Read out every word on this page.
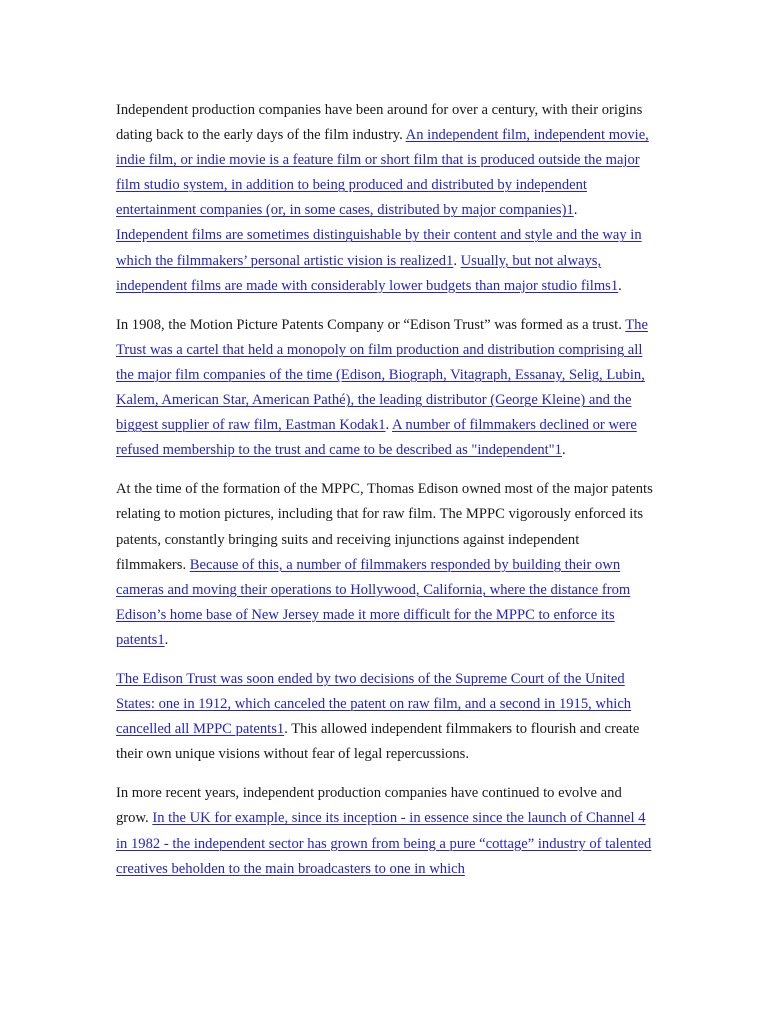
Independent production companies have been around for over a century, with their origins dating back to the early days of the film industry. An independent film, independent movie, indie film, or indie movie is a feature film or short film that is produced outside the major film studio system, in addition to being produced and distributed by independent entertainment companies (or, in some cases, distributed by major companies)1. Independent films are sometimes distinguishable by their content and style and the way in which the filmmakers’ personal artistic vision is realized1. Usually, but not always, independent films are made with considerably lower budgets than major studio films1.

In 1908, the Motion Picture Patents Company or “Edison Trust” was formed as a trust. The Trust was a cartel that held a monopoly on film production and distribution comprising all the major film companies of the time (Edison, Biograph, Vitagraph, Essanay, Selig, Lubin, Kalem, American Star, American Pathé), the leading distributor (George Kleine) and the biggest supplier of raw film, Eastman Kodak1. A number of filmmakers declined or were refused membership to the trust and came to be described as "independent"1.

At the time of the formation of the MPPC, Thomas Edison owned most of the major patents relating to motion pictures, including that for raw film. The MPPC vigorously enforced its patents, constantly bringing suits and receiving injunctions against independent filmmakers. Because of this, a number of filmmakers responded by building their own cameras and moving their operations to Hollywood, California, where the distance from Edison’s home base of New Jersey made it more difficult for the MPPC to enforce its patents1.

The Edison Trust was soon ended by two decisions of the Supreme Court of the United States: one in 1912, which canceled the patent on raw film, and a second in 1915, which cancelled all MPPC patents1. This allowed independent filmmakers to flourish and create their own unique visions without fear of legal repercussions.

In more recent years, independent production companies have continued to evolve and grow. In the UK for example, since its inception - in essence since the launch of Channel 4 in 1982 - the independent sector has grown from being a pure “cottage” industry of talented creatives beholden to the main broadcasters to one in which
